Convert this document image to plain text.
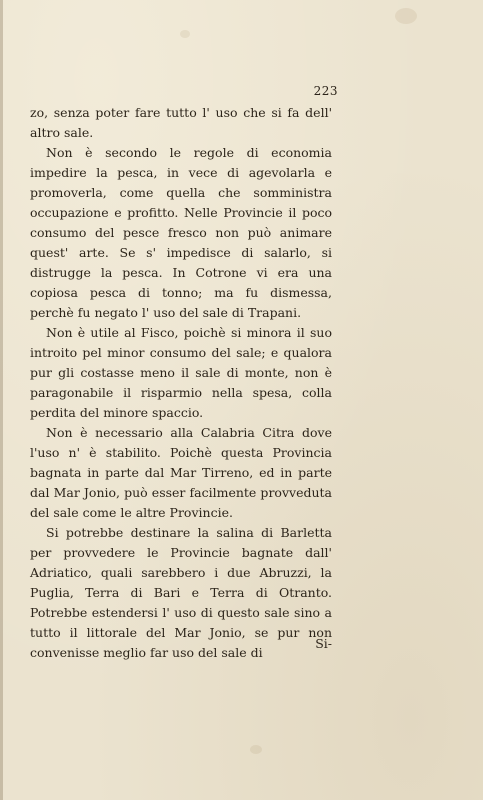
223

zo, senza poter fare tutto l' uso che si fa dell' altro sale.

Non è secondo le regole di economia impedire la pesca, in vece di agevolarla e promoverla, come quella che somministra occupazione e profitto. Nelle Provincie il poco consumo del pesce fresco non può animare quest' arte. Se s' impedisce di salarlo, si distrugge la pesca. In Cotrone vi era una copiosa pesca di tonno; ma fu dismessa, perchè fu negato l' uso del sale di Trapani.

Non è utile al Fisco, poichè si minora il suo introito pel minor consumo del sale; e qualora pur gli costasse meno il sale di monte, non è paragonabile il risparmio nella spesa, colla perdita del minore spaccio.

Non è necessario alla Calabria Citra dove l'uso n' è stabilito. Poichè questa Provincia bagnata in parte dal Mar Tirreno, ed in parte dal Mar Jonio, può esser facilmente provveduta del sale come le altre Provincie.

Si potrebbe destinare la salina di Barletta per provvedere le Provincie bagnate dall' Adriatico, quali sarebbero i due Abruzzi, la Puglia, Terra di Bari e Terra di Otranto. Potrebbe estendersi l' uso di questo sale sino a tutto il littorale del Mar Jonio, se pur non convenisse meglio far uso del sale di

Si-
